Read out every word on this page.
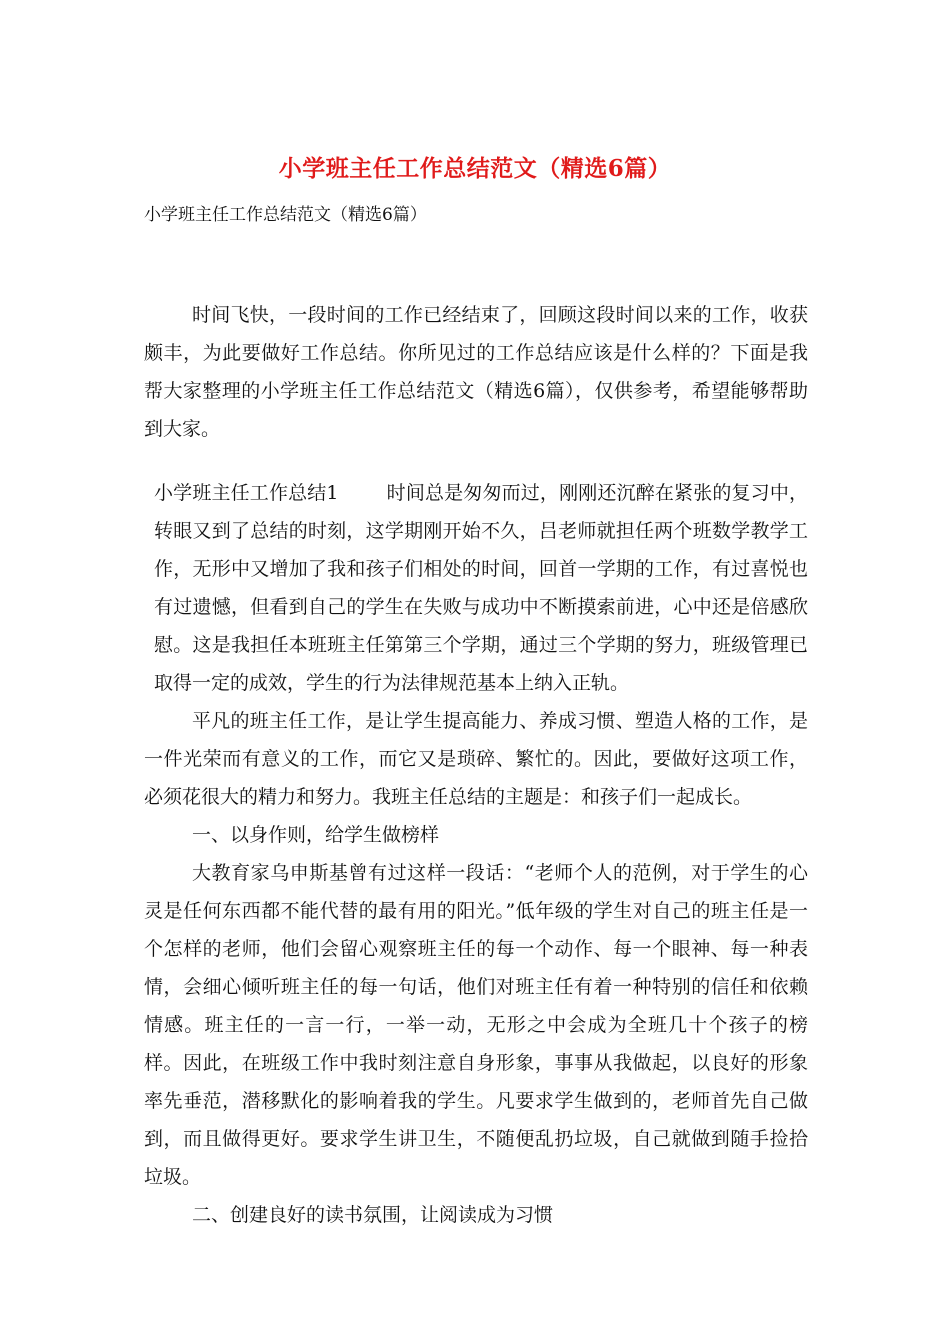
小学班主任工作总结范文（精选6篇）
小学班主任工作总结范文（精选6篇）

时间飞快，一段时间的工作已经结束了，回顾这段时间以来的工作，收获颇丰，为此要做好工作总结。你所见过的工作总结应该是什么样的？下面是我帮大家整理的小学班主任工作总结范文（精选6篇），仅供参考，希望能够帮助到大家。

小学班主任工作总结1	时间总是匆匆而过，刚刚还沉醉在紧张的复习中，转眼又到了总结的时刻，这学期刚开始不久，吕老师就担任两个班数学教学工作，无形中又增加了我和孩子们相处的时间，回首一学期的工作，有过喜悦也有过遗憾，但看到自己的学生在失败与成功中不断摸索前进，心中还是倍感欣慰。这是我担任本班班主任第第三个学期，通过三个学期的努力，班级管理已取得一定的成效，学生的行为法律规范基本上纳入正轨。

平凡的班主任工作，是让学生提高能力、养成习惯、塑造人格的工作，是一件光荣而有意义的工作，而它又是琐碎、繁忙的。因此，要做好这项工作，必须花很大的精力和努力。我班主任总结的主题是：和孩子们一起成长。

一、以身作则，给学生做榜样

大教育家乌申斯基曾有过这样一段话：“老师个人的范例，对于学生的心灵是任何东西都不能代替的最有用的阳光。”低年级的学生对自己的班主任是一个怎样的老师，他们会留心观察班主任的每一个动作、每一个眼神、每一种表情，会细心倾听班主任的每一句话，他们对班主任有着一种特别的信任和依赖情感。班主任的一言一行，一举一动，无形之中会成为全班几十个孩子的榜样。因此，在班级工作中我时刻注意自身形象，事事从我做起，以良好的形象率先垂范，潜移默化的影响着我的学生。凡要求学生做到的，老师首先自己做到，而且做得更好。要求学生讲卫生，不随便乱扔垃圾，自己就做到随手捡拾垃圾。

二、创建良好的读书氛围，让阅读成为习惯
